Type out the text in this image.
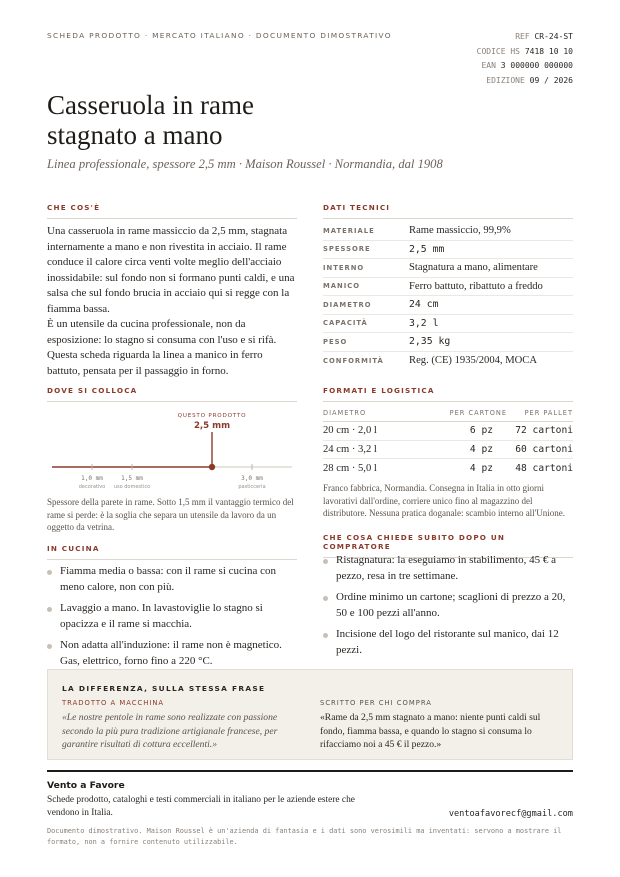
SCHEDA PRODOTTO · MERCATO ITALIANO · DOCUMENTO DIMOSTRATIVO	REF CR-24-ST
CODICE HS 7418 10 10
EAN 3 000000 000000
EDIZIONE 09 / 2026
Casseruola in rame
stagnato a mano
Linea professionale, spessore 2,5 mm · Maison Roussel · Normandia, dal 1908
CHE COS'È
Una casseruola in rame massiccio da 2,5 mm, stagnata internamente a mano e non rivestita in acciaio. Il rame conduce il calore circa venti volte meglio dell'acciaio inossidabile: sul fondo non si formano punti caldi, e una salsa che sul fondo brucia in acciaio qui si regge con la fiamma bassa.
È un utensile da cucina professionale, non da esposizione: lo stagno si consuma con l'uso e si rifà. Questa scheda riguarda la linea a manico in ferro battuto, pensata per il passaggio in forno.
DOVE SI COLLOCA
QUESTO PRODOTTO
2,5 mm
1,0 mm
decorativo
1,5 mm
uso domestico
3,0 mm
pasticceria
Spessore della parete in rame. Sotto 1,5 mm il vantaggio termico del rame si perde: è la soglia che separa un utensile da lavoro da un oggetto da vetrina.
IN CUCINA
Fiamma media o bassa: con il rame si cucina con meno calore, non con più.
Lavaggio a mano. In lavastoviglie lo stagno si opacizza e il rame si macchia.
Non adatta all'induzione: il rame non è magnetico. Gas, elettrico, forno fino a 220 °C.
DATI TECNICI
MATERIALE	Rame massiccio, 99,9%
SPESSORE	2,5 mm
INTERNO	Stagnatura a mano, alimentare
MANICO	Ferro battuto, ribattuto a freddo
DIAMETRO	24 cm
CAPACITÀ	3,2 l
PESO	2,35 kg
CONFORMITÀ	Reg. (CE) 1935/2004, MOCA
FORMATI E LOGISTICA
DIAMETRO	PER CARTONE	PER PALLET
20 cm · 2,0 l	6 pz	72 cartoni
24 cm · 3,2 l	4 pz	60 cartoni
28 cm · 5,0 l	4 pz	48 cartoni
Franco fabbrica, Normandia. Consegna in Italia in otto giorni lavorativi dall'ordine, corriere unico fino al magazzino del distributore. Nessuna pratica doganale: scambio interno all'Unione.
CHE COSA CHIEDE SUBITO DOPO UN COMPRATORE
Ristagnatura: la eseguiamo in stabilimento, 45 € a pezzo, resa in tre settimane.
Ordine minimo un cartone; scaglioni di prezzo a 20, 50 e 100 pezzi all'anno.
Incisione del logo del ristorante sul manico, dai 12 pezzi.
LA DIFFERENZA, SULLA STESSA FRASE
TRADOTTO A MACCHINA
«Le nostre pentole in rame sono realizzate con passione secondo la più pura tradizione artigianale francese, per garantire risultati di cottura eccellenti.»
SCRITTO PER CHI COMPRA
«Rame da 2,5 mm stagnato a mano: niente punti caldi sul fondo, fiamma bassa, e quando lo stagno si consuma lo rifacciamo noi a 45 € il pezzo.»
Vento a Favore
Schede prodotto, cataloghi e testi commerciali in italiano per le aziende estere che vendono in Italia.	ventoafavorecf@gmail.com
Documento dimostrativo. Maison Roussel è un'azienda di fantasia e i dati sono verosimili ma inventati: servono a mostrare il formato, non a fornire contenuto utilizzabile.
